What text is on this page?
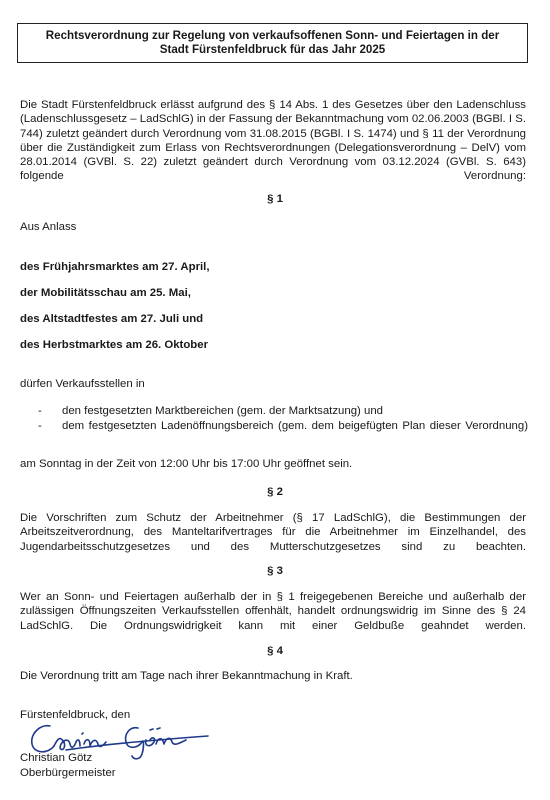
Rechtsverordnung zur Regelung von verkaufsoffenen Sonn- und Feiertagen in der
Stadt Fürstenfeldbruck für das Jahr 2025
Die Stadt Fürstenfeldbruck erlässt aufgrund des § 14 Abs. 1 des Gesetzes über den Ladenschluss (Ladenschlussgesetz – LadSchlG) in der Fassung der Bekanntmachung vom 02.06.2003 (BGBl. I S. 744) zuletzt geändert durch Verordnung vom 31.08.2015 (BGBl. I S. 1474) und § 11 der Verordnung über die Zuständigkeit zum Erlass von Rechtsverordnungen (Delegationsverordnung – DelV) vom 28.01.2014 (GVBl. S. 22) zuletzt geändert durch Verordnung vom 03.12.2024 (GVBl. S. 643) folgende Verordnung:
§ 1
Aus Anlass
des Frühjahrsmarktes am 27. April,
der Mobilitätsschau am 25. Mai,
des Altstadtfestes am 27. Juli und
des Herbstmarktes am 26. Oktober
dürfen Verkaufsstellen in
- den festgesetzten Marktbereichen (gem. der Marktsatzung) und
- dem festgesetzten Ladenöffnungsbereich (gem. dem beigefügten Plan dieser Verordnung)
am Sonntag in der Zeit von 12:00 Uhr bis 17:00 Uhr geöffnet sein.
§ 2
Die Vorschriften zum Schutz der Arbeitnehmer (§ 17 LadSchlG), die Bestimmungen der Arbeitszeitverordnung, des Manteltarifvertrages für die Arbeitnehmer im Einzelhandel, des Jugendarbeitsschutzgesetzes und des Mutterschutzgesetzes sind zu beachten.
§ 3
Wer an Sonn- und Feiertagen außerhalb der in § 1 freigegebenen Bereiche und außerhalb der zulässigen Öffnungszeiten Verkaufsstellen offenhält, handelt ordnungswidrig im Sinne des § 24 LadSchlG. Die Ordnungswidrigkeit kann mit einer Geldbuße geahndet werden.
§ 4
Die Verordnung tritt am Tage nach ihrer Bekanntmachung in Kraft.
Fürstenfeldbruck, den
Christian Götz
Oberbürgermeister
